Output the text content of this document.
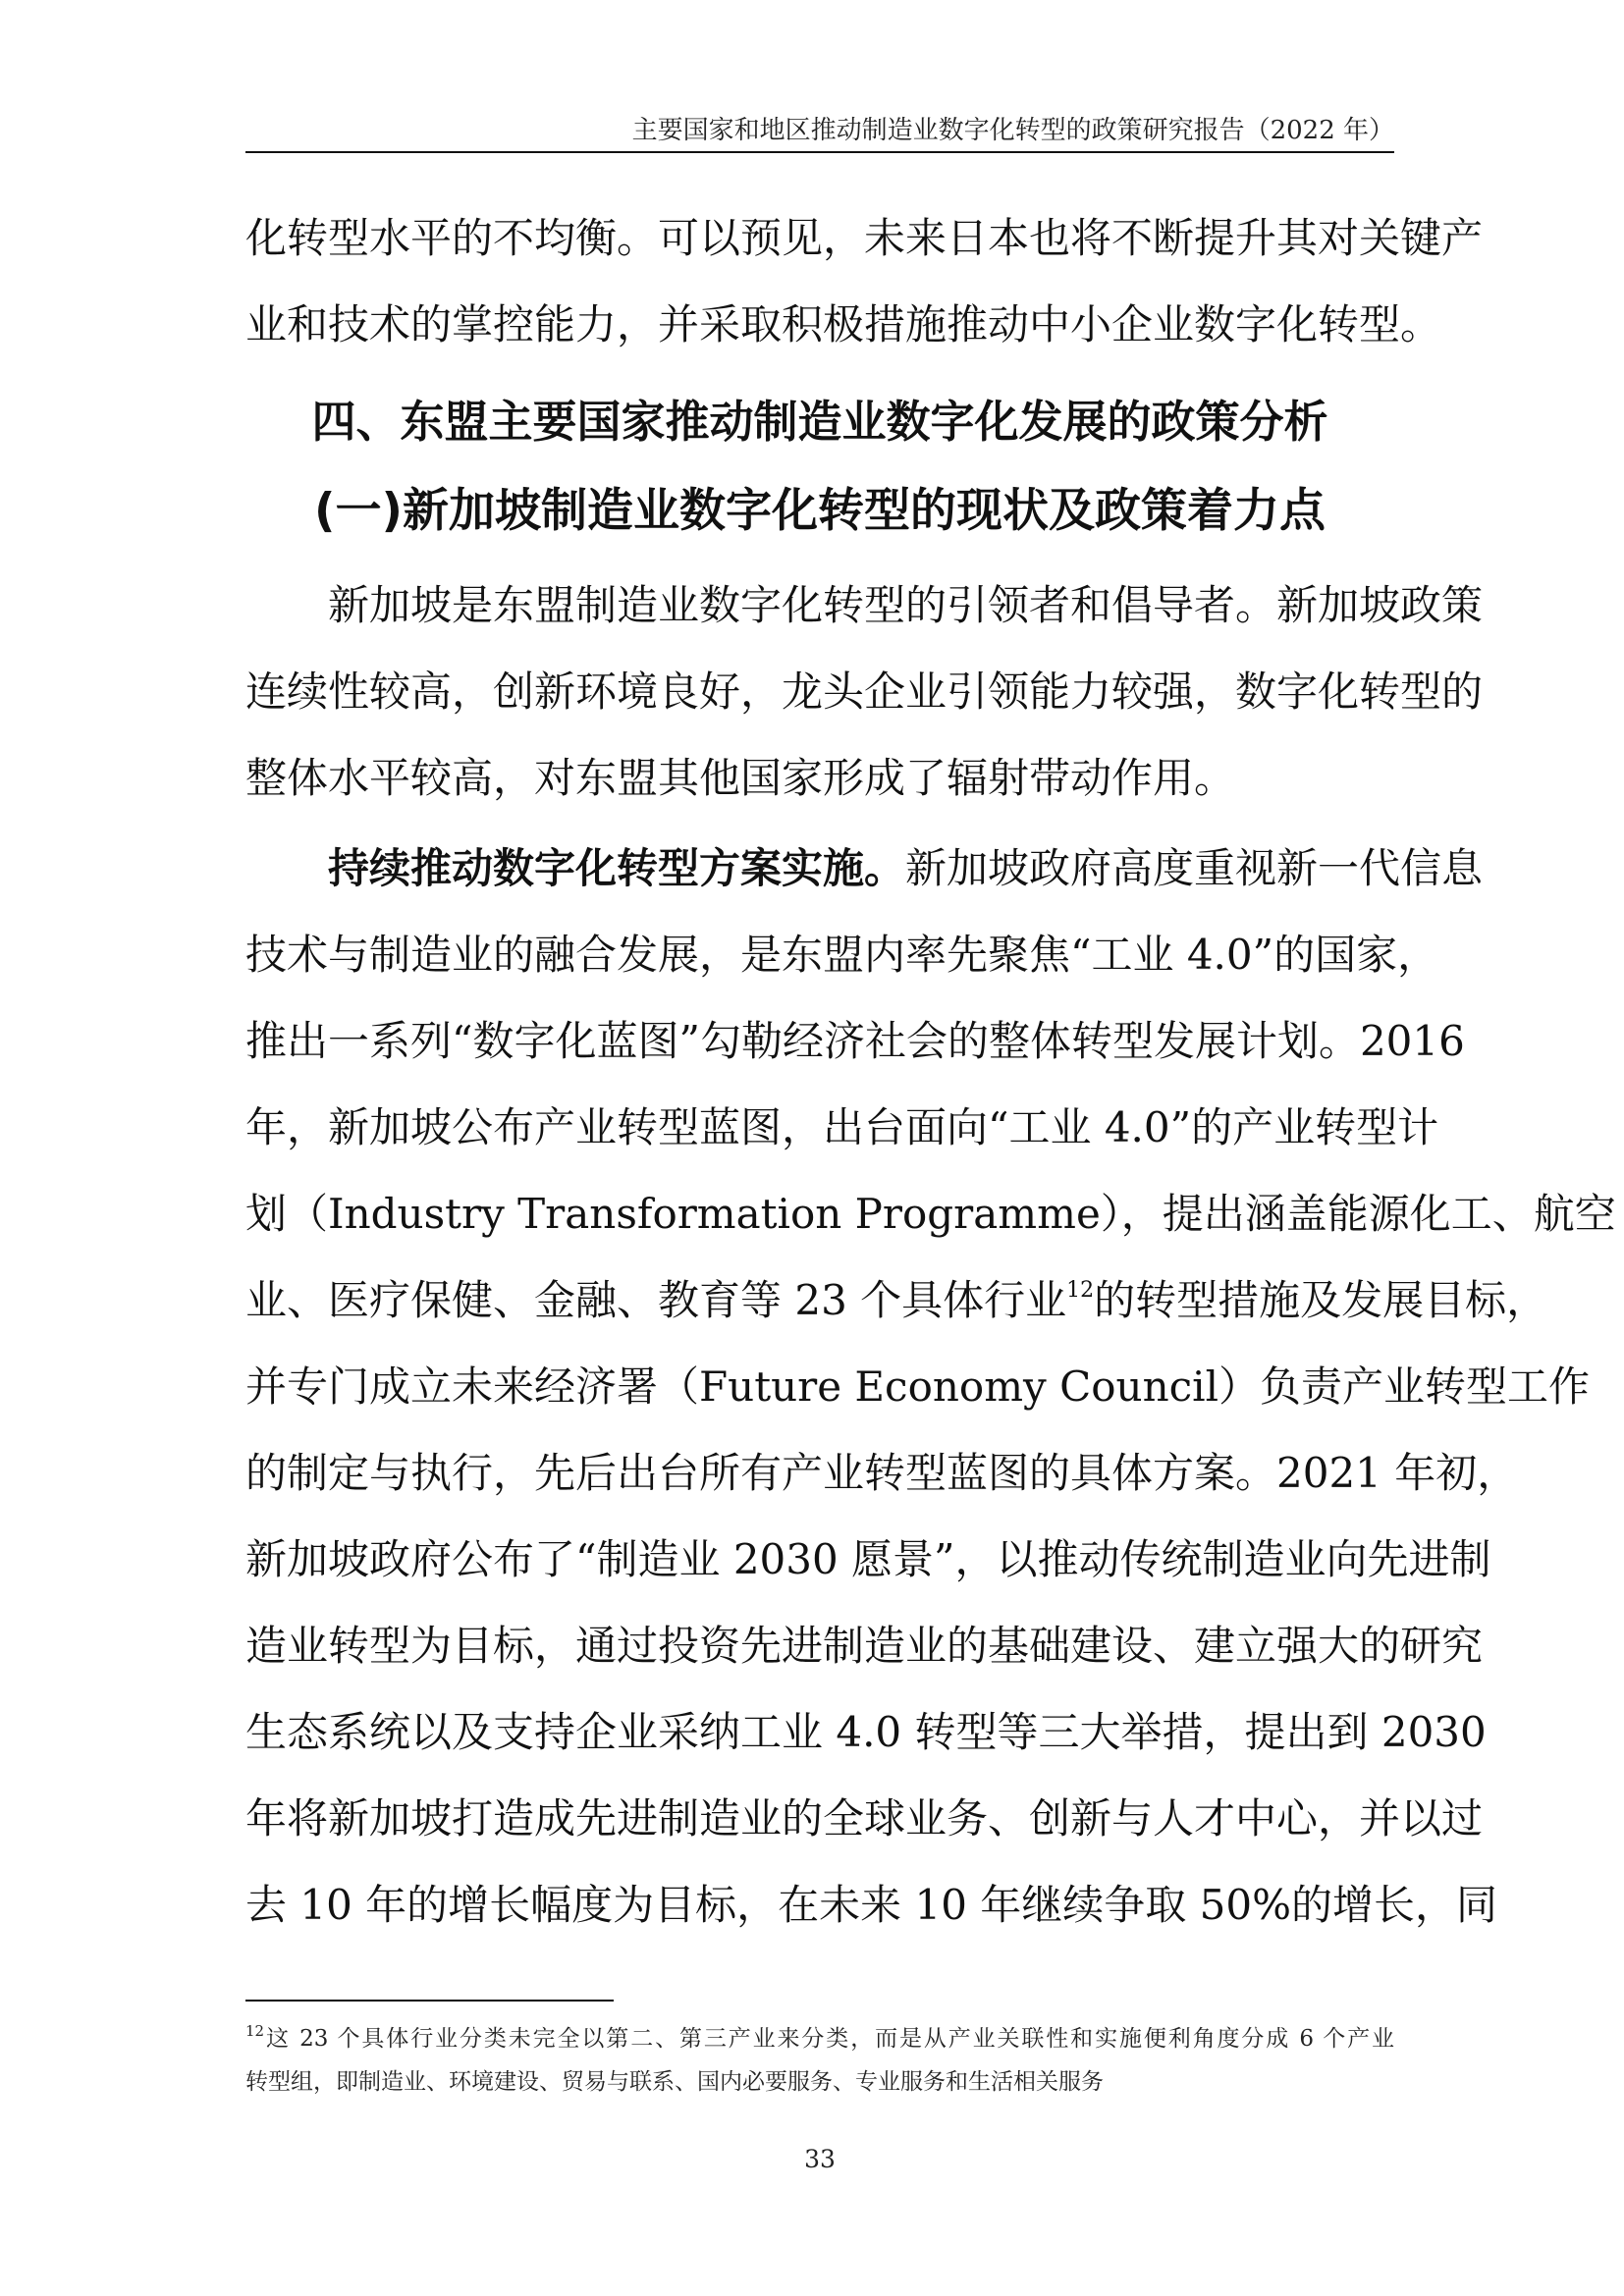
主要国家和地区推动制造业数字化转型的政策研究报告（2022 年）
化转型水平的不均衡。可以预见，未来日本也将不断提升其对关键产
业和技术的掌控能力，并采取积极措施推动中小企业数字化转型。
四、东盟主要国家推动制造业数字化发展的政策分析
(一)新加坡制造业数字化转型的现状及政策着力点
新加坡是东盟制造业数字化转型的引领者和倡导者。新加坡政策
连续性较高，创新环境良好，龙头企业引领能力较强，数字化转型的
整体水平较高，对东盟其他国家形成了辐射带动作用。
持续推动数字化转型方案实施。新加坡政府高度重视新一代信息
技术与制造业的融合发展，是东盟内率先聚焦“工业 4.0”的国家，
推出一系列“数字化蓝图”勾勒经济社会的整体转型发展计划。2016
年，新加坡公布产业转型蓝图，出台面向“工业 4.0”的产业转型计
划（Industry Transformation Programme），提出涵盖能源化工、航空
业、医疗保健、金融、教育等 23 个具体行业$^{12}$的转型措施及发展目标，
并专门成立未来经济署（Future Economy Council）负责产业转型工作
的制定与执行，先后出台所有产业转型蓝图的具体方案。2021 年初，
新加坡政府公布了“制造业 2030 愿景”，以推动传统制造业向先进制
造业转型为目标，通过投资先进制造业的基础建设、建立强大的研究
生态系统以及支持企业采纳工业 4.0 转型等三大举措，提出到 2030
年将新加坡打造成先进制造业的全球业务、创新与人才中心，并以过
去 10 年的增长幅度为目标，在未来 10 年继续争取 50%的增长，同
$^{12}$这 23 个具体行业分类未完全以第二、第三产业来分类，而是从产业关联性和实施便利角度分成 6 个产业
转型组，即制造业、环境建设、贸易与联系、国内必要服务、专业服务和生活相关服务
33
